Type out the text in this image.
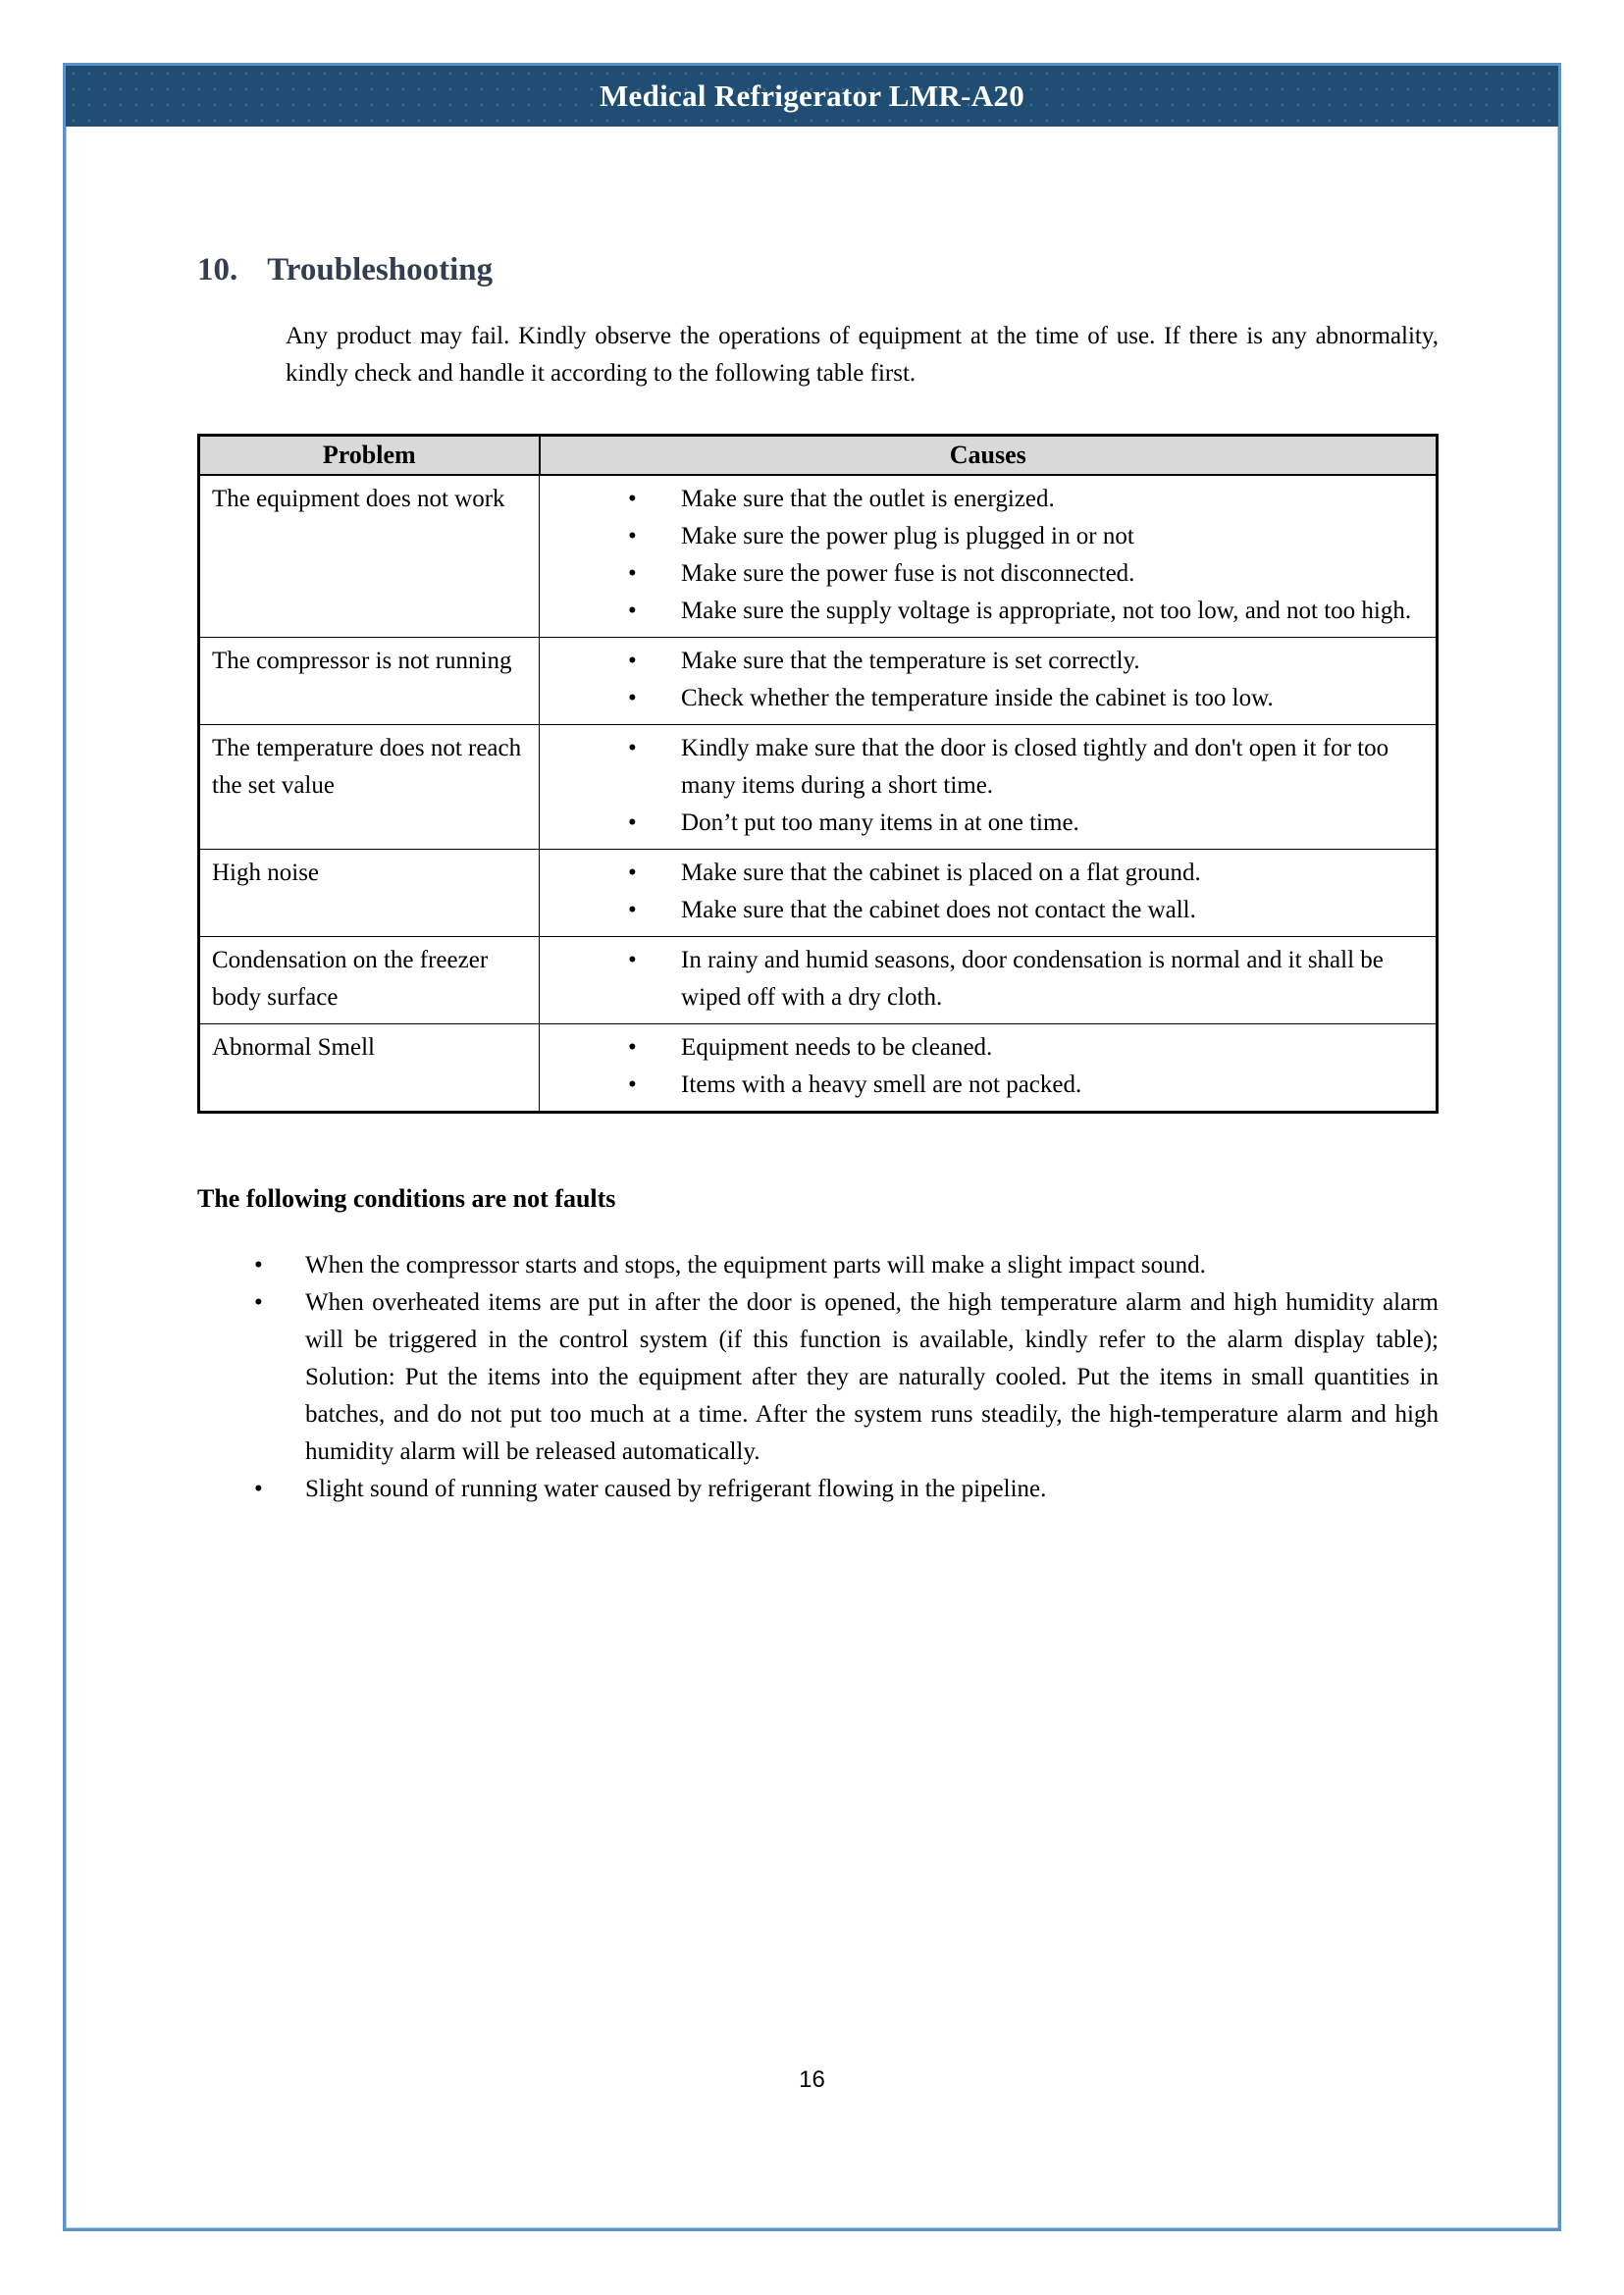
Medical Refrigerator LMR-A20
10. Troubleshooting

Any product may fail. Kindly observe the operations of equipment at the time of use. If there is any abnormality, kindly check and handle it according to the following table first.

Problem	Causes
The equipment does not work	
•Make sure that the outlet is energized.
• Make sure the power plug is plugged in or not
• Make sure the power fuse is not disconnected.
• Make sure the supply voltage is appropriate, not too low, and not too high.

The compressor is not running	
•Make sure that the temperature is set correctly.
• Check whether the temperature inside the cabinet is too low.

The temperature does not reach the set value	
• Kindly make sure that the door is closed tightly and don't open it for too many items during a short time.
• Don’t put too many items in at one time.

High noise	
•Make sure that the cabinet is placed on a flat ground.
• Make sure that the cabinet does not contact the wall.

Condensation on the freezer body surface	
• In rainy and humid seasons, door condensation is normal and it shall be wiped off with a dry cloth.

Abnormal Smell	
•Equipment needs to be cleaned.
• Items with a heavy smell are not packed.
The following conditions are not faults
• When the compressor starts and stops, the equipment parts will make a slight impact sound.
• When overheated items are put in after the door is opened, the high temperature alarm and high humidity alarm will be triggered in the control system (if this function is available, kindly refer to the alarm display table); Solution: Put the items into the equipment after they are naturally cooled. Put the items in small quantities in batches, and do not put too much at a time. After the system runs steadily, the high-temperature alarm and high humidity alarm will be released automatically.
• Slight sound of running water caused by refrigerant flowing in the pipeline.
16
